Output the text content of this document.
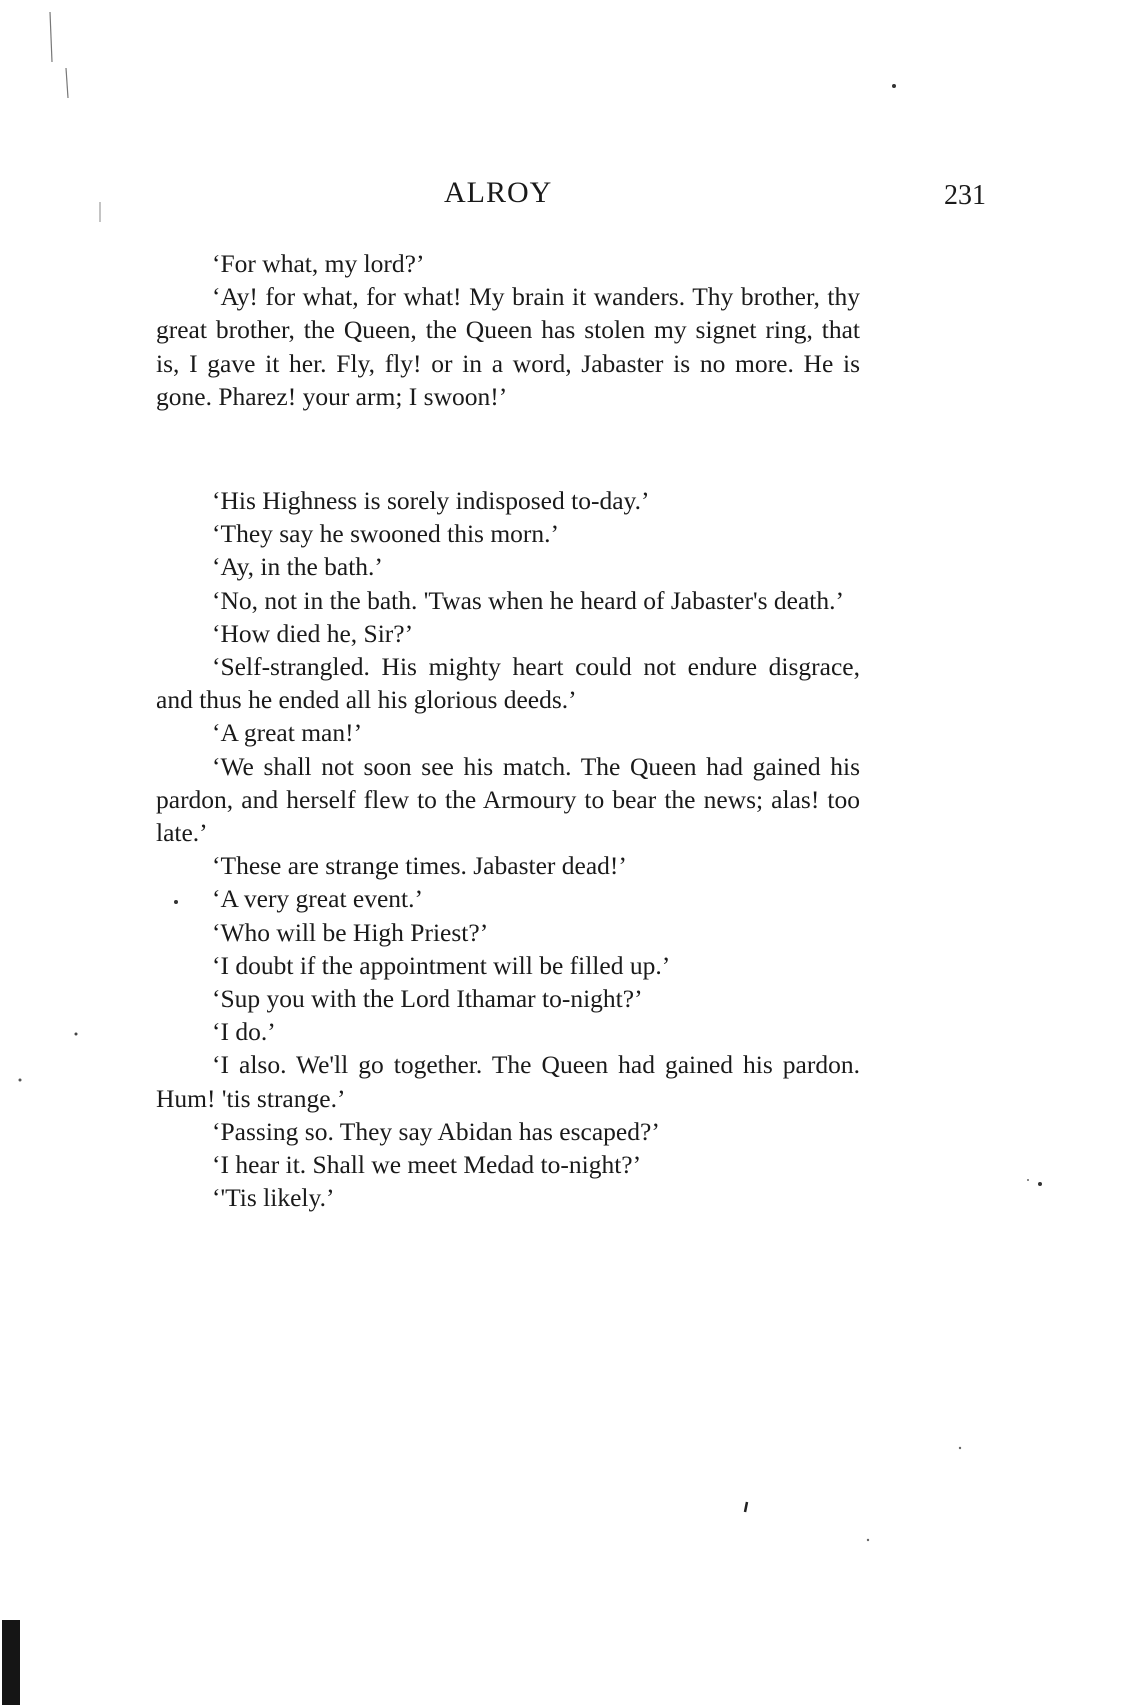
ALROY	231

‘For what, my lord?’

‘Ay! for what, for what! My brain it wanders. Thy brother, thy great brother, the Queen, the Queen has stolen my signet ring, that is, I gave it her. Fly, fly! or in a word, Jabaster is no more. He is gone. Pharez! your arm; I swoon!’

‘His Highness is sorely indisposed to-day.’

‘They say he swooned this morn.’

‘Ay, in the bath.’

‘No, not in the bath. 'Twas when he heard of Jabaster's death.’

‘How died he, Sir?’

‘Self-strangled. His mighty heart could not endure disgrace, and thus he ended all his glorious deeds.’

‘A great man!’

‘We shall not soon see his match. The Queen had gained his pardon, and herself flew to the Armoury to bear the news; alas! too late.’

‘These are strange times. Jabaster dead!’

‘A very great event.’

‘Who will be High Priest?’

‘I doubt if the appointment will be filled up.’

‘Sup you with the Lord Ithamar to-night?’

‘I do.’

‘I also. We'll go together. The Queen had gained his pardon. Hum! 'tis strange.’

‘Passing so. They say Abidan has escaped?’

‘I hear it. Shall we meet Medad to-night?’

‘'Tis likely.’
